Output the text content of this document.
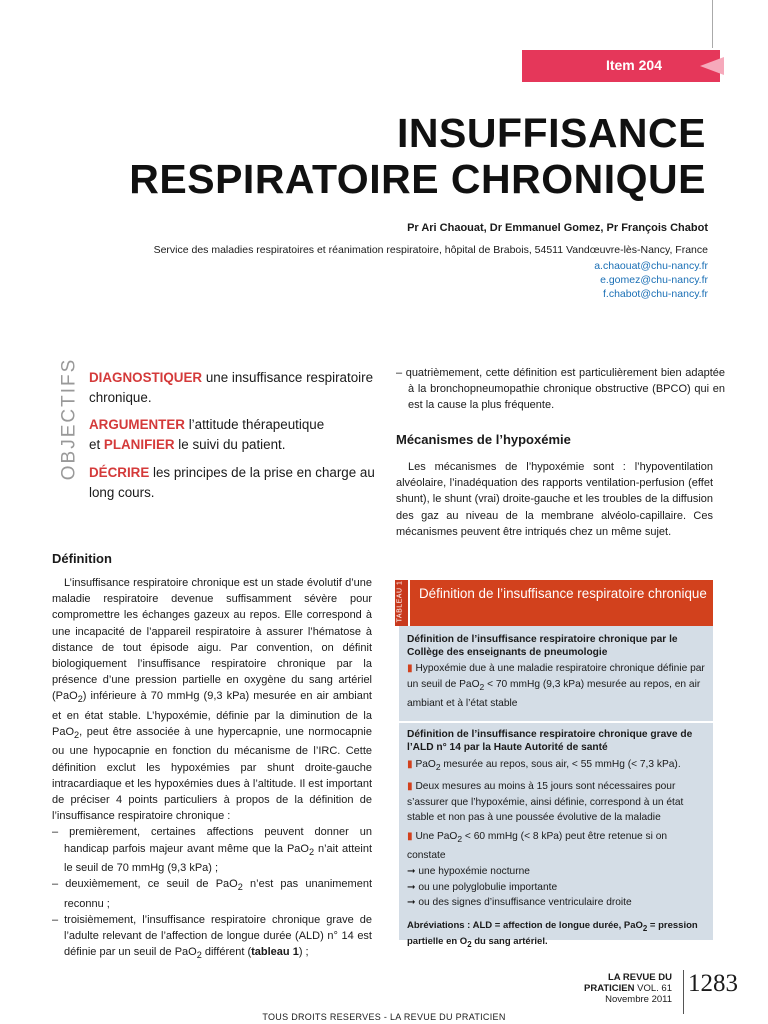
Item 204
INSUFFISANCE
RESPIRATOIRE CHRONIQUE
Pr Ari Chaouat, Dr Emmanuel Gomez, Pr François Chabot
Service des maladies respiratoires et réanimation respiratoire, hôpital de Brabois, 54511 Vandœuvre-lès-Nancy, France
a.chaouat@chu-nancy.fr
e.gomez@chu-nancy.fr
f.chabot@chu-nancy.fr
OBJECTIFS DIAGNOSTIQUER une insuffisance respiratoire chronique.
ARGUMENTER l’attitude thérapeutique
et PLANIFIER le suivi du patient.
DÉCRIRE les principes de la prise en charge au long cours.
Définition

L’insuffisance respiratoire chronique est un stade évolutif d’une maladie respiratoire devenue suffisamment sévère pour compromettre les échanges gazeux au repos. Elle correspond à une incapacité de l’appareil respiratoire à assurer l’hématose à distance de tout épisode aigu. Par convention, on définit biologiquement l’insuffisance respiratoire chronique par la présence d’une pression partielle en oxygène du sang artériel (PaO$_2$) inférieure à 70 mmHg (9,3 kPa) mesurée en air ambiant et en état stable. L’hypoxémie, définie par la diminution de la PaO$_2$, peut être associée à une hypercapnie, une normocapnie ou une hypocapnie en fonction du mécanisme de l’IRC. Cette définition exclut les hypoxémies par shunt droite-gauche intracardiaque et les hypoxémies dues à l’altitude. Il est important de préciser 4 points particuliers à propos de la définition de l’insuffisance respiratoire chronique :

– premièrement, certaines affections peuvent donner un handicap parfois majeur avant même que la PaO$_2$ n’ait atteint le seuil de 70 mmHg (9,3 kPa) ;

– deuxièmement, ce seuil de PaO$_2$ n’est pas unanimement reconnu ;

– troisièmement, l’insuffisance respiratoire chronique grave de l’adulte relevant de l’affection de longue durée (ALD) n° 14 est définie par un seuil de PaO$_2$ différent (tableau 1) ;

– quatrièmement, cette définition est particulièrement bien adaptée à la bronchopneumopathie chronique obstructive (BPCO) qui en est la cause la plus fréquente.
Mécanismes de l’hypoxémie
Les mécanismes de l’hypoxémie sont : l’hypoventilation alvéolaire, l’inadéquation des rapports ventilation-perfusion (effet shunt), le shunt (vrai) droite-gauche et les troubles de la diffusion des gaz au niveau de la membrane alvéolo-capillaire. Ces mécanismes peuvent être intriqués chez un même sujet.
TABLEAU 1 Définition de l’insuffisance respiratoire chronique
Définition de l’insuffisance respiratoire chronique par le Collège des enseignants de pneumologie
▮ Hypoxémie due à une maladie respiratoire chronique définie par un seuil de PaO$_2$ < 70 mmHg (9,3 kPa) mesurée au repos, en air ambiant et à l’état stable
Définition de l’insuffisance respiratoire chronique grave de l’ALD n° 14 par la Haute Autorité de santé
▮ PaO$_2$ mesurée au repos, sous air, < 55 mmHg (< 7,3 kPa).
▮ Deux mesures au moins à 15 jours sont nécessaires pour s’assurer que l’hypoxémie, ainsi définie, correspond à un état stable et non pas à une poussée évolutive de la maladie
▮ Une PaO$_2$ < 60 mmHg (< 8 kPa) peut être retenue si on constate
➞ une hypoxémie nocturne
➞ ou une polyglobulie importante
➞ ou des signes d’insuffisance ventriculaire droite
Abréviations : ALD = affection de longue durée, PaO$_2$ = pression partielle en $O_2$ du sang artériel.
LA REVUE DU PRATICIEN VOL. 61
Novembre 2011
1283
TOUS DROITS RESERVES - LA REVUE DU PRATICIEN
